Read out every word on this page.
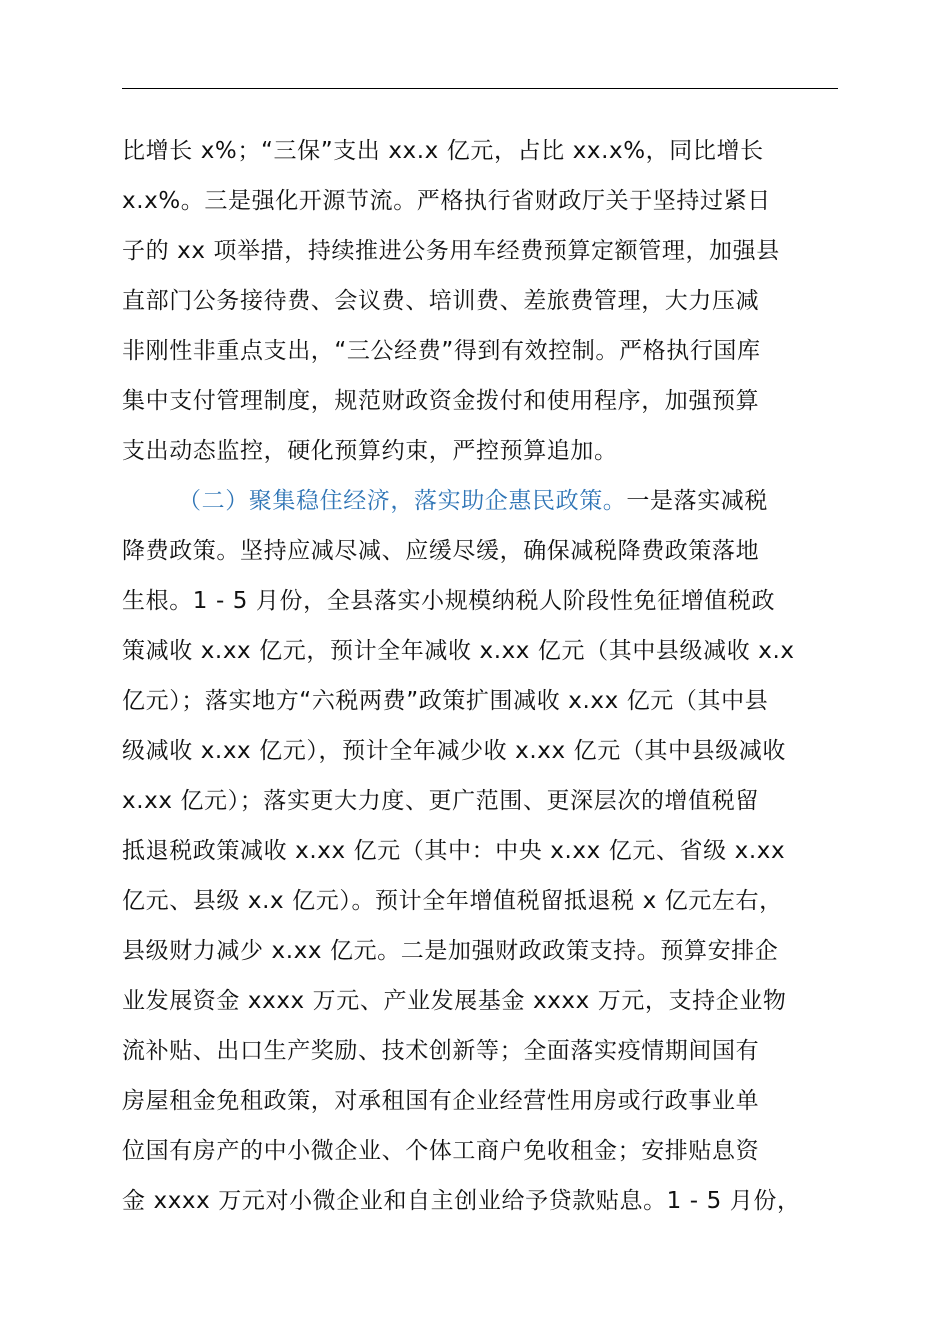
比增长 x%；“三保”支出 xx.x 亿元，占比 xx.x%，同比增长
x.x%。三是强化开源节流。严格执行省财政厅关于坚持过紧日
子的 xx 项举措，持续推进公务用车经费预算定额管理，加强县
直部门公务接待费、会议费、培训费、差旅费管理，大力压减
非刚性非重点支出，“三公经费”得到有效控制。严格执行国库
集中支付管理制度，规范财政资金拨付和使用程序，加强预算
支出动态监控，硬化预算约束，严控预算追加。
（二）聚集稳住经济，落实助企惠民政策。一是落实减税
降费政策。坚持应减尽减、应缓尽缓，确保减税降费政策落地
生根。1 - 5 月份，全县落实小规模纳税人阶段性免征增值税政
策减收 x.xx 亿元，预计全年减收 x.xx 亿元（其中县级减收 x.x
亿元）；落实地方“六税两费”政策扩围减收 x.xx 亿元（其中县
级减收 x.xx 亿元），预计全年减少收 x.xx 亿元（其中县级减收
x.xx 亿元）；落实更大力度、更广范围、更深层次的增值税留
抵退税政策减收 x.xx 亿元（其中：中央 x.xx 亿元、省级 x.xx
亿元、县级 x.x 亿元）。预计全年增值税留抵退税 x 亿元左右，
县级财力减少 x.xx 亿元。二是加强财政政策支持。预算安排企
业发展资金 xxxx 万元、产业发展基金 xxxx 万元，支持企业物
流补贴、出口生产奖励、技术创新等；全面落实疫情期间国有
房屋租金免租政策，对承租国有企业经营性用房或行政事业单
位国有房产的中小微企业、个体工商户免收租金；安排贴息资
金 xxxx 万元对小微企业和自主创业给予贷款贴息。1 - 5 月份，
